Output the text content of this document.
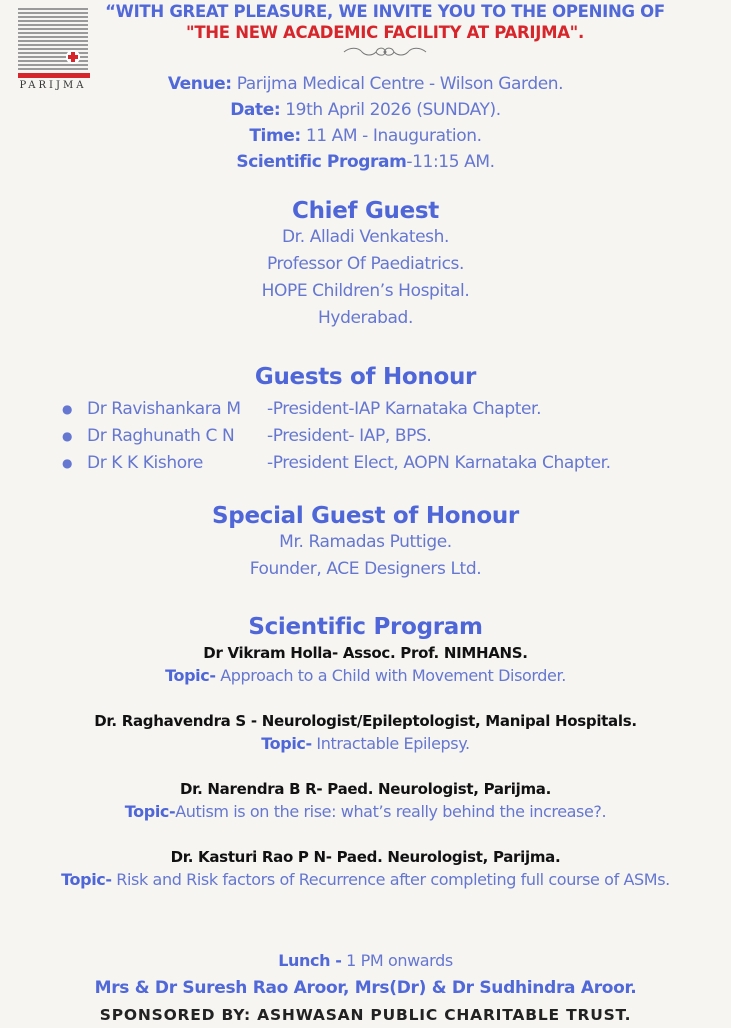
PARIJMA
“WITH GREAT PLEASURE, WE INVITE YOU TO THE OPENING OF
"THE NEW ACADEMIC FACILITY AT PARIJMA".
Venue: Parijma Medical Centre - Wilson Garden.
Date: 19th April 2026 (SUNDAY).
Time: 11 AM - Inauguration.
Scientific Program-11:15 AM.
Chief Guest
Dr. Alladi Venkatesh.
Professor Of Paediatrics.
HOPE Children’s Hospital.
Hyderabad.
Guests of Honour
● Dr Ravishankara M	-President-IAP Karnataka Chapter.
● Dr Raghunath C N	-President- IAP, BPS.
● Dr K K Kishore	-President Elect, AOPN Karnataka Chapter.
Special Guest of Honour
Mr. Ramadas Puttige.
Founder, ACE Designers Ltd.
Scientific Program
Dr Vikram Holla- Assoc. Prof. NIMHANS.
Topic- Approach to a Child with Movement Disorder.
Dr. Raghavendra S - Neurologist/Epileptologist, Manipal Hospitals.
Topic- Intractable Epilepsy.
Dr. Narendra B R- Paed. Neurologist, Parijma.
Topic-Autism is on the rise: what’s really behind the increase?.
Dr. Kasturi Rao P N- Paed. Neurologist, Parijma.
Topic- Risk and Risk factors of Recurrence after completing full course of ASMs.
Lunch - 1 PM onwards
Mrs & Dr Suresh Rao Aroor, Mrs(Dr) & Dr Sudhindra Aroor.
SPONSORED BY: ASHWASAN PUBLIC CHARITABLE TRUST.
